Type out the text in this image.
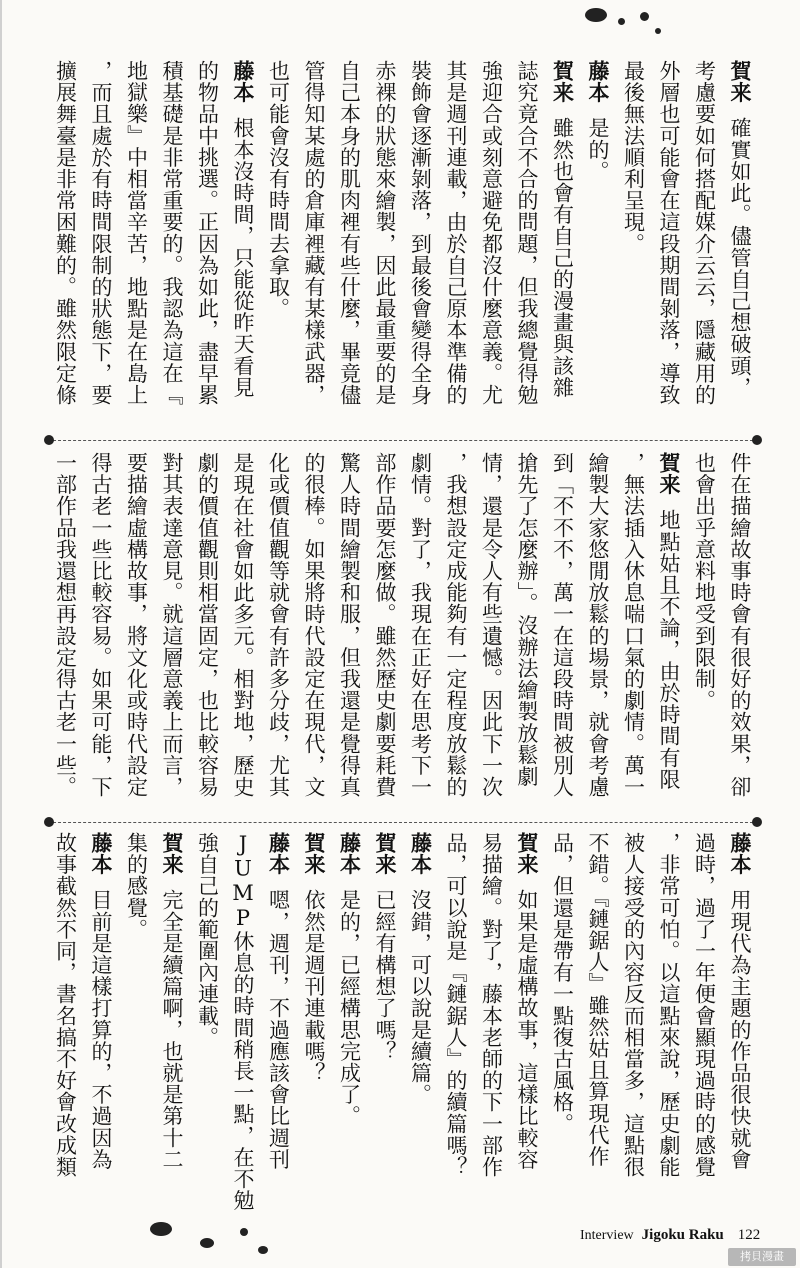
賀来確實如此。儘管自己想破頭，
考慮要如何搭配媒介云云，隱藏用的
外層也可能會在這段期間剝落，導致
最後無法順利呈現。
藤本是的。
賀来雖然也會有自己的漫畫與該雜
誌究竟合不合的問題，但我總覺得勉
強迎合或刻意避免都沒什麼意義。尤
其是週刊連載，由於自己原本準備的
裝飾會逐漸剝落，到最後會變得全身
赤裸的狀態來繪製，因此最重要的是
自己本身的肌肉裡有些什麼，畢竟儘
管得知某處的倉庫裡藏有某樣武器，
也可能會沒有時間去拿取。
藤本根本沒時間，只能從昨天看見
的物品中挑選。正因為如此，盡早累
積基礎是非常重要的。我認為這在『
地獄樂』中相當辛苦，地點是在島上
，而且處於有時間限制的狀態下，要
擴展舞臺是非常困難的。雖然限定條
件在描繪故事時會有很好的效果，卻
也會出乎意料地受到限制。
賀来地點姑且不論，由於時間有限
，無法插入休息喘口氣的劇情。萬一
繪製大家悠閒放鬆的場景，就會考慮
到「不不不，萬一在這段時間被別人
搶先了怎麼辦」。沒辦法繪製放鬆劇
情，還是令人有些遺憾。因此下一次
，我想設定成能夠有一定程度放鬆的
劇情。對了，我現在正好在思考下一
部作品要怎麼做。雖然歷史劇要耗費
驚人時間繪製和服，但我還是覺得真
的很棒。如果將時代設定在現代，文
化或價值觀等就會有許多分歧，尤其
是現在社會如此多元。相對地，歷史
劇的價值觀則相當固定，也比較容易
對其表達意見。就這層意義上而言，
要描繪虛構故事，將文化或時代設定
得古老一些比較容易。如果可能，下
一部作品我還想再設定得古老一些。
藤本用現代為主題的作品很快就會
過時，過了一年便會顯現過時的感覺
，非常可怕。以這點來說，歷史劇能
被人接受的內容反而相當多，這點很
不錯。『鏈鋸人』雖然姑且算現代作
品，但還是帶有一點復古風格。
賀来如果是虛構故事，這樣比較容
易描繪。對了，藤本老師的下一部作
品，可以說是『鏈鋸人』的續篇嗎？
藤本沒錯，可以說是續篇。
賀来已經有構想了嗎？
藤本是的，已經構思完成了。
賀来依然是週刊連載嗎？
藤本嗯，週刊，不過應該會比週刊
JUMP休息的時間稍長一點，在不勉
強自己的範圍內連載。
賀来完全是續篇啊，也就是第十二
集的感覺。
藤本目前是這樣打算的，不過因為
故事截然不同，書名搞不好會改成類
Interview Jigoku Raku 122
拷貝漫畫
